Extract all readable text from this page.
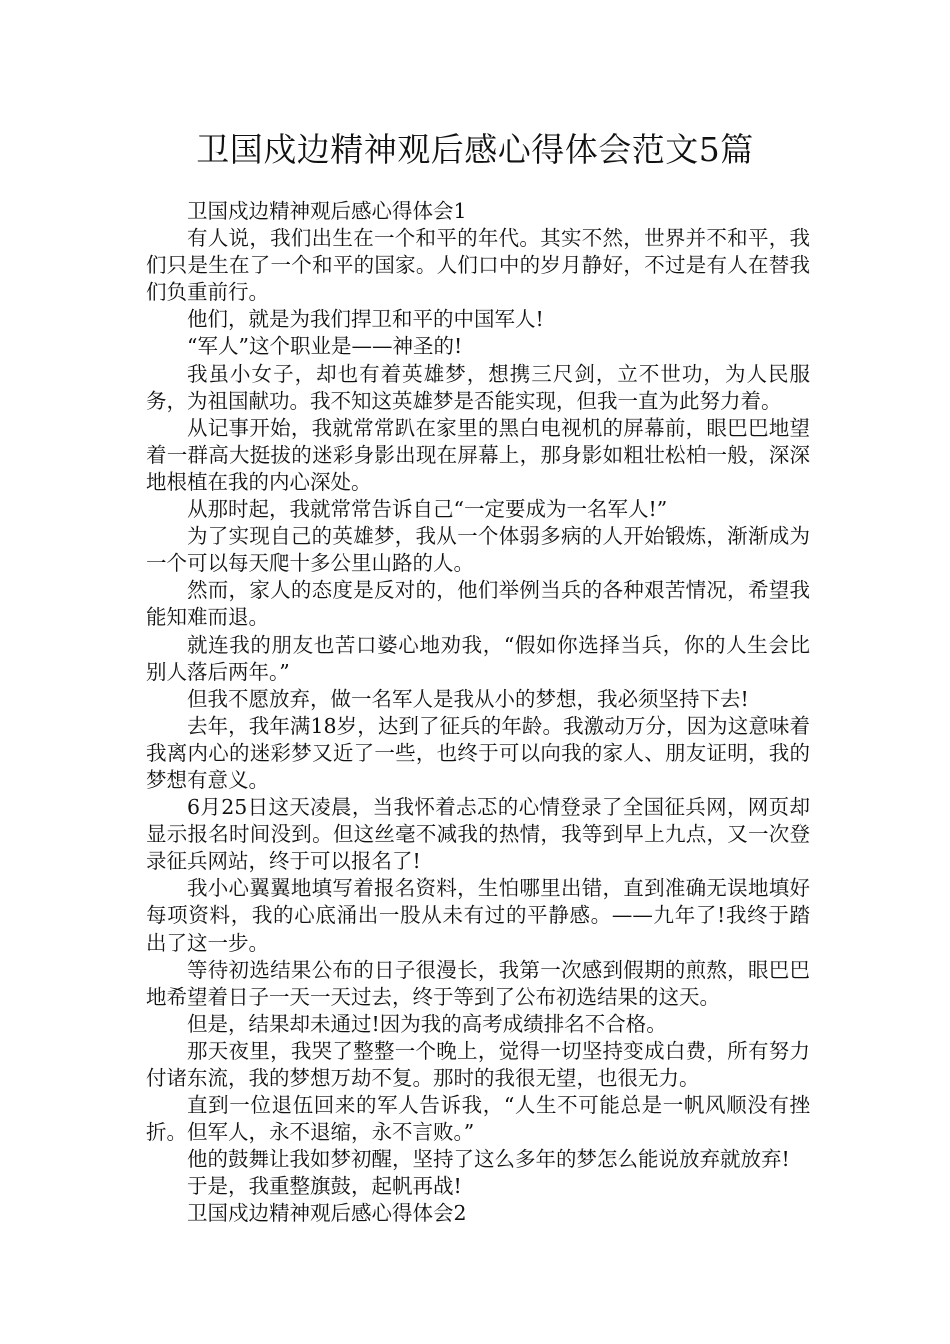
卫国戍边精神观后感心得体会范文5篇

卫国戍边精神观后感心得体会1

有人说，我们出生在一个和平的年代。其实不然，世界并不和平，我们只是生在了一个和平的国家。人们口中的岁月静好，不过是有人在替我们负重前行。

他们，就是为我们捍卫和平的中国军人!

“军人”这个职业是——神圣的!

我虽小女子，却也有着英雄梦，想携三尺剑，立不世功，为人民服务，为祖国献功。我不知这英雄梦是否能实现，但我一直为此努力着。

从记事开始，我就常常趴在家里的黑白电视机的屏幕前，眼巴巴地望着一群高大挺拔的迷彩身影出现在屏幕上，那身影如粗壮松柏一般，深深地根植在我的内心深处。

从那时起，我就常常告诉自己“一定要成为一名军人!”

为了实现自己的英雄梦，我从一个体弱多病的人开始锻炼，渐渐成为一个可以每天爬十多公里山路的人。

然而，家人的态度是反对的，他们举例当兵的各种艰苦情况，希望我能知难而退。

就连我的朋友也苦口婆心地劝我，“假如你选择当兵，你的人生会比别人落后两年。”

但我不愿放弃，做一名军人是我从小的梦想，我必须坚持下去!

去年，我年满18岁，达到了征兵的年龄。我激动万分，因为这意味着我离内心的迷彩梦又近了一些，也终于可以向我的家人、朋友证明，我的梦想有意义。

6月25日这天凌晨，当我怀着忐忑的心情登录了全国征兵网，网页却显示报名时间没到。但这丝毫不减我的热情，我等到早上九点，又一次登录征兵网站，终于可以报名了!

我小心翼翼地填写着报名资料，生怕哪里出错，直到准确无误地填好每项资料，我的心底涌出一股从未有过的平静感。——九年了!我终于踏出了这一步。

等待初选结果公布的日子很漫长，我第一次感到假期的煎熬，眼巴巴地希望着日子一天一天过去，终于等到了公布初选结果的这天。

但是，结果却未通过!因为我的高考成绩排名不合格。

那天夜里，我哭了整整一个晚上，觉得一切坚持变成白费，所有努力付诸东流，我的梦想万劫不复。那时的我很无望，也很无力。

直到一位退伍回来的军人告诉我，“人生不可能总是一帆风顺没有挫折。但军人，永不退缩，永不言败。”

他的鼓舞让我如梦初醒，坚持了这么多年的梦怎么能说放弃就放弃!

于是，我重整旗鼓，起帆再战!

卫国戍边精神观后感心得体会2
